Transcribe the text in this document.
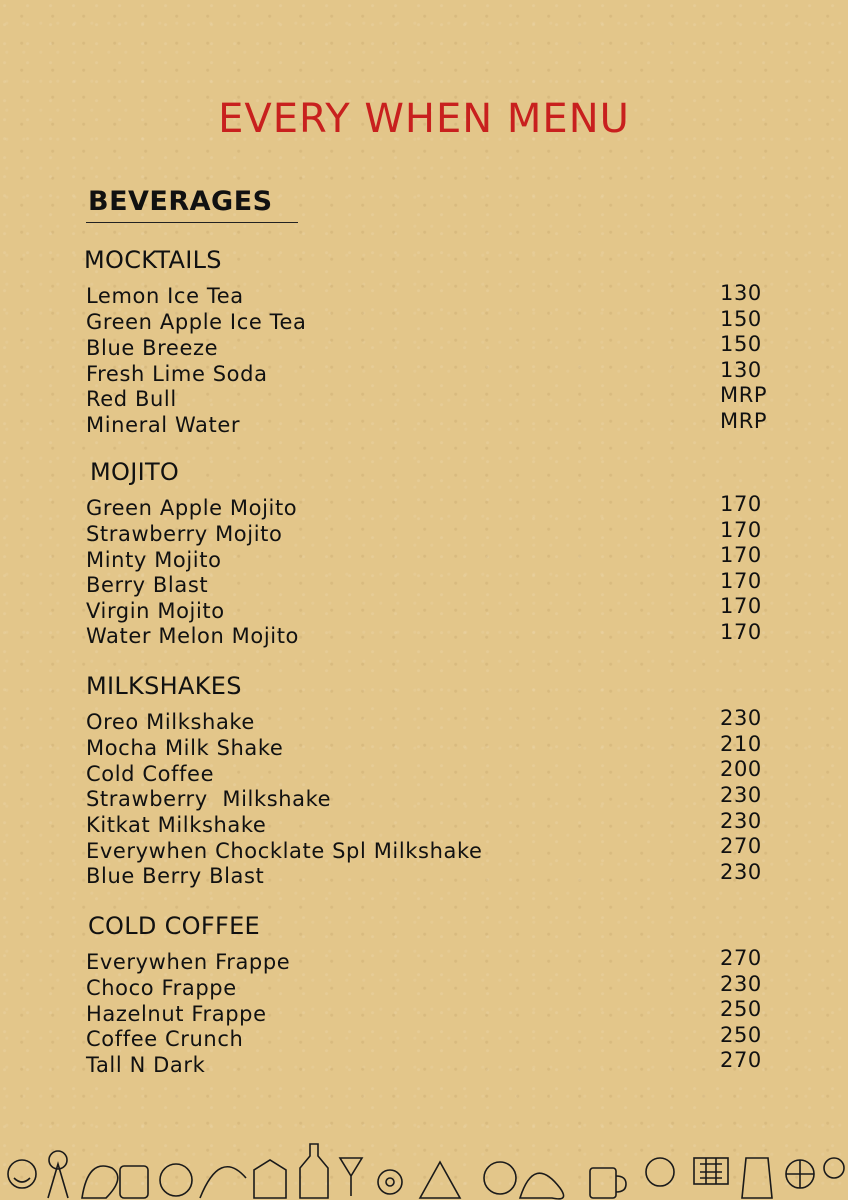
EVERY WHEN MENU
BEVERAGES
MOCKTAILS
Lemon Ice Tea	130
Green Apple Ice Tea	150
Blue Breeze	150
Fresh Lime Soda	130
Red Bull	MRP
Mineral Water	MRP
MOJITO
Green Apple Mojito	170
Strawberry Mojito	170
Minty Mojito	170
Berry Blast	170
Virgin Mojito	170
Water Melon Mojito	170
MILKSHAKES
Oreo Milkshake	230
Mocha Milk Shake	210
Cold Coffee	200
Strawberry  Milkshake	230
Kitkat Milkshake	230
Everywhen Chocklate Spl Milkshake	270
Blue Berry Blast	230
COLD COFFEE
Everywhen Frappe	270
Choco Frappe	230
Hazelnut Frappe	250
Coffee Crunch	250
Tall N Dark	270
